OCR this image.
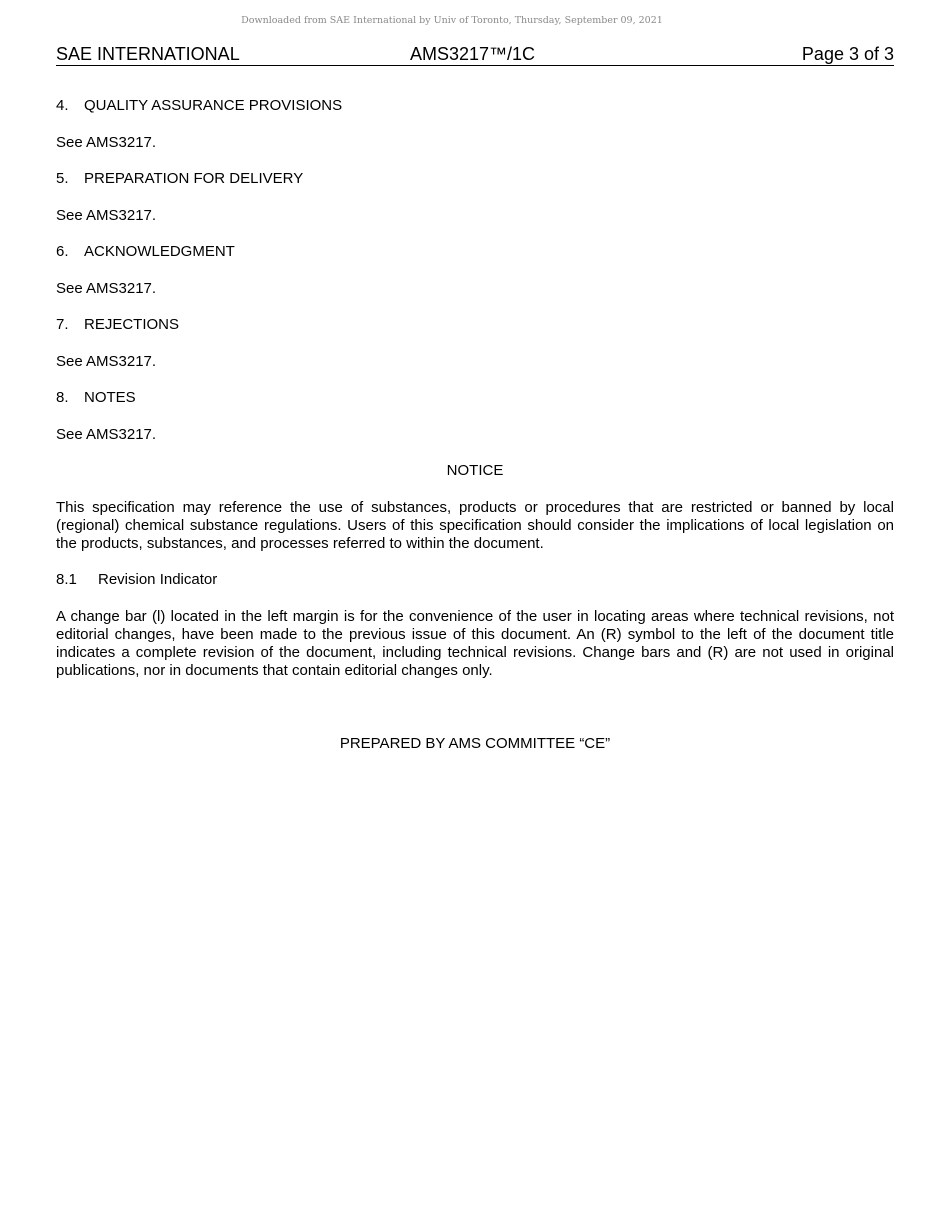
Downloaded from SAE International by Univ of Toronto, Thursday, September 09, 2021
SAE INTERNATIONAL	AMS3217™/1C	Page 3 of 3
4. QUALITY ASSURANCE PROVISIONS
See AMS3217.
5. PREPARATION FOR DELIVERY
See AMS3217.
6. ACKNOWLEDGMENT
See AMS3217.
7. REJECTIONS
See AMS3217.
8. NOTES
See AMS3217.
NOTICE
This specification may reference the use of substances, products or procedures that are restricted or banned by local (regional) chemical substance regulations. Users of this specification should consider the implications of local legislation on the products, substances, and processes referred to within the document.
8.1 Revision Indicator
A change bar (l) located in the left margin is for the convenience of the user in locating areas where technical revisions, not editorial changes, have been made to the previous issue of this document. An (R) symbol to the left of the document title indicates a complete revision of the document, including technical revisions. Change bars and (R) are not used in original publications, nor in documents that contain editorial changes only.
PREPARED BY AMS COMMITTEE “CE”
